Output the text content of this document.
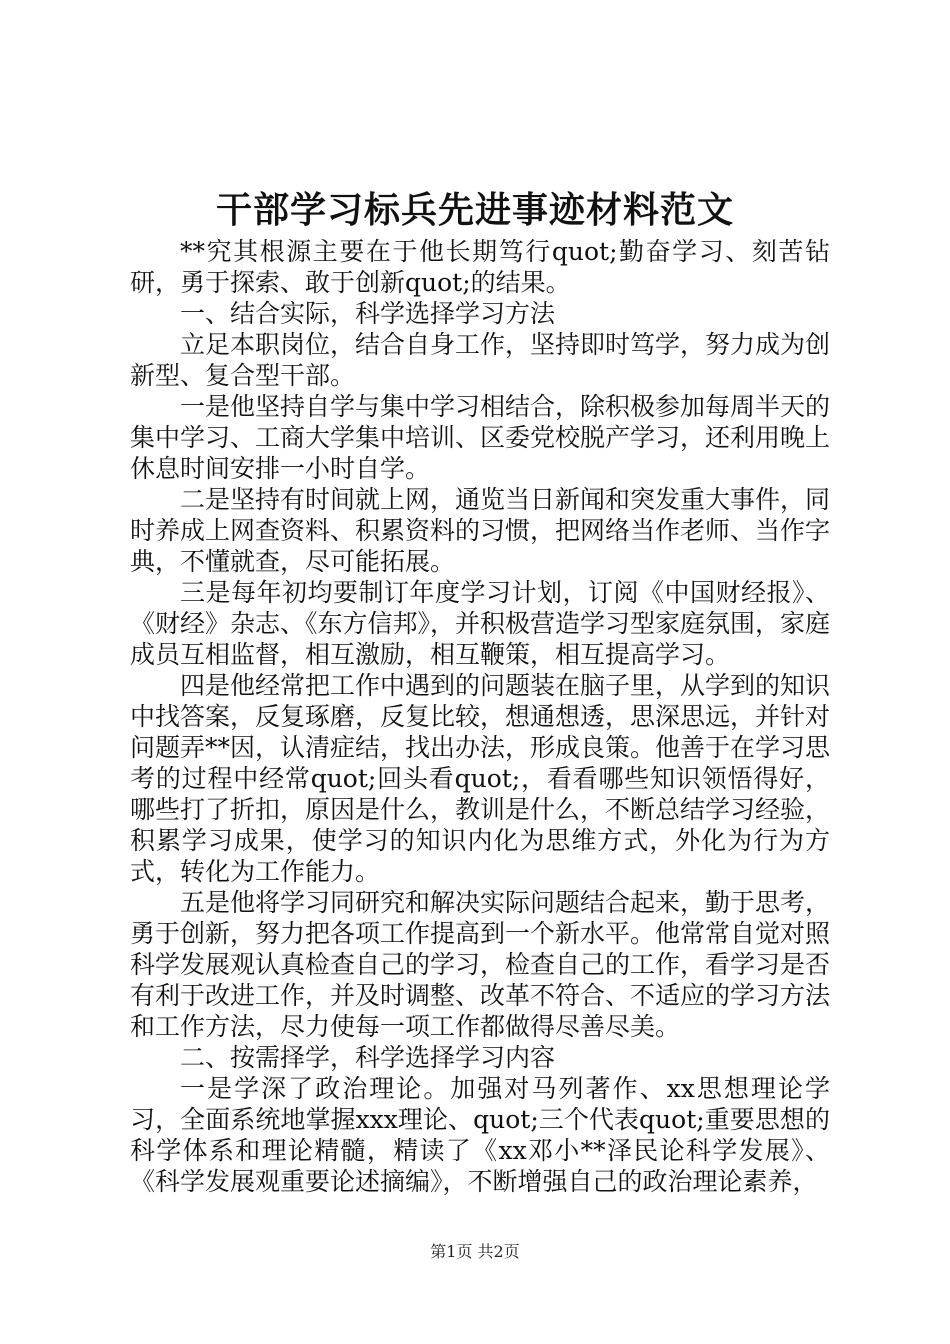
干部学习标兵先进事迹材料范文

**究其根源主要在于他长期笃行quot;勤奋学习、刻苦钻研，勇于探索、敢于创新quot;的结果。

一、结合实际，科学选择学习方法

立足本职岗位，结合自身工作，坚持即时笃学，努力成为创新型、复合型干部。

一是他坚持自学与集中学习相结合，除积极参加每周半天的集中学习、工商大学集中培训、区委党校脱产学习，还利用晚上休息时间安排一小时自学。

二是坚持有时间就上网，通览当日新闻和突发重大事件，同时养成上网查资料、积累资料的习惯，把网络当作老师、当作字典，不懂就查，尽可能拓展。

三是每年初均要制订年度学习计划，订阅《中国财经报》、《财经》杂志、《东方信邦》，并积极营造学习型家庭氛围，家庭成员互相监督，相互激励，相互鞭策，相互提高学习。

四是他经常把工作中遇到的问题装在脑子里，从学到的知识中找答案，反复琢磨，反复比较，想通想透，思深思远，并针对问题弄**因，认清症结，找出办法，形成良策。他善于在学习思考的过程中经常quot;回头看quot;，看看哪些知识领悟得好，哪些打了折扣，原因是什么，教训是什么，不断总结学习经验，积累学习成果，使学习的知识内化为思维方式，外化为行为方式，转化为工作能力。

五是他将学习同研究和解决实际问题结合起来，勤于思考，勇于创新，努力把各项工作提高到一个新水平。他常常自觉对照科学发展观认真检查自己的学习，检查自己的工作，看学习是否有利于改进工作，并及时调整、改革不符合、不适应的学习方法和工作方法，尽力使每一项工作都做得尽善尽美。

二、按需择学，科学选择学习内容

一是学深了政治理论。加强对马列著作、xx思想理论学习，全面系统地掌握xxx理论、quot;三个代表quot;重要思想的科学体系和理论精髓，精读了《xx邓小**泽民论科学发展》、《科学发展观重要论述摘编》，不断增强自己的政治理论素养，

第1页 共2页
